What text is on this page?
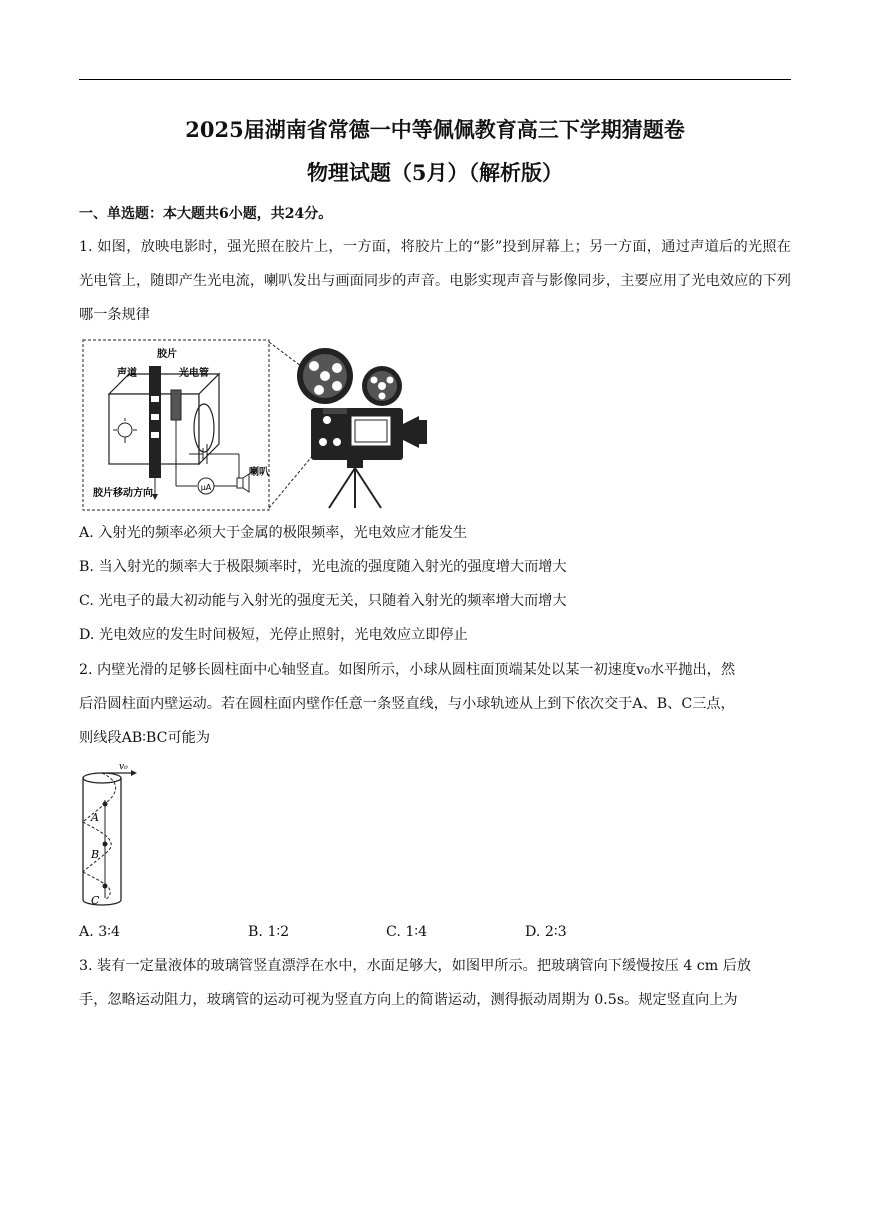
2025届湖南省常德一中等佩佩教育高三下学期猜题卷
物理试题（5月）（解析版）
一、单选题：本大题共6小题，共24分。
1. 如图，放映电影时，强光照在胶片上，一方面，将胶片上的“影”投到屏幕上；另一方面，通过声道后的光照在光电管上，随即产生光电流，喇叭发出与画面同步的声音。电影实现声音与影像同步，主要应用了光电效应的下列哪一条规律
μA
胶片
声道	光电管
喇叭
胶片移动方向
A. 入射光的频率必须大于金属的极限频率，光电效应才能发生
B. 当入射光的频率大于极限频率时，光电流的强度随入射光的强度增大而增大
C. 光电子的最大初动能与入射光的强度无关，只随着入射光的频率增大而增大
D. 光电效应的发生时间极短，光停止照射，光电效应立即停止
2. 内壁光滑的足够长圆柱面中心轴竖直。如图所示，小球从圆柱面顶端某处以某一初速度v₀水平抛出，然
后沿圆柱面内壁运动。若在圆柱面内壁作任意一条竖直线，与小球轨迹从上到下依次交于A、B、C三点，
则线段AB∶BC可能为
v₀
A
B
C
A. 3∶4	B. 1∶2	C. 1∶4	D. 2∶3
3. 装有一定量液体的玻璃管竖直漂浮在水中，水面足够大，如图甲所示。把玻璃管向下缓慢按压 4 cm 后放
手，忽略运动阻力，玻璃管的运动可视为竖直方向上的简谐运动，测得振动周期为 0.5s。规定竖直向上为
